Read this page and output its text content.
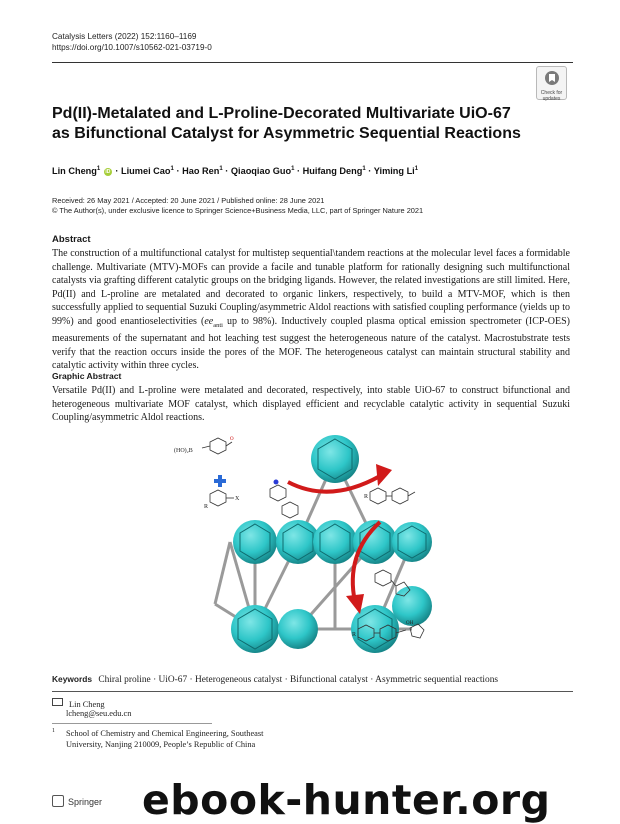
Catalysis Letters (2022) 152:1160–1169
https://doi.org/10.1007/s10562-021-03719-0
Check for
updates
Pd(II)-Metalated and L-Proline-Decorated Multivariate UiO-67
as Bifunctional Catalyst for Asymmetric Sequential Reactions
Lin Cheng$^1$ iD · Liumei Cao$^1$ · Hao Ren$^1$ · Qiaoqiao Guo$^1$ · Huifang Deng$^1$ · Yiming Li$^1$
Received: 26 May 2021 / Accepted: 20 June 2021 / Published online: 28 June 2021
© The Author(s), under exclusive licence to Springer Science+Business Media, LLC, part of Springer Nature 2021
Abstract
The construction of a multifunctional catalyst for multistep sequential\tandem reactions at the molecular level faces a formidable challenge. Multivariate (MTV)-MOFs can provide a facile and tunable platform for rationally designing such multifunctional catalysts via grafting different catalytic groups on the bridging ligands. However, the related investigations are still limited. Here, Pd(II) and L-proline are metalated and decorated to organic linkers, respectively, to build a MTV-MOF, which is then successfully applied to sequential Suzuki Coupling/asymmetric Aldol reactions with satisfied coupling performance (yields up to 99%) and good enantioselectivities ($ee_{anti}$ up to 98%). Inductively coupled plasma optical emission spectrometer (ICP-OES) measurements of the supernatant and hot leaching test suggest the heterogeneous nature of the catalyst. Macrostubstrate tests verify that the reaction occurs inside the pores of the MOF. The heterogeneous catalyst can maintain structural stability and catalytic activity within three cycles.
Graphic Abstract
Versatile Pd(II) and L-proline were metalated and decorated, respectively, into stable UiO-67 to construct bifunctional and heterogeneous multivariate MOF catalyst, which displayed efficient and recyclable catalytic activity in sequential Suzuki Coupling/asymmetric Aldol reactions.
(HO)₂B
O
X
R
R
OH
R
Keywords Chiral proline · UiO-67 · Heterogeneous catalyst · Bifunctional catalyst · Asymmetric sequential reactions
Lin Cheng
lcheng@seu.edu.cn
1 School of Chemistry and Chemical Engineering, Southeast
University, Nanjing 210009, People’s Republic of China
Springer ebook-hunter.org
